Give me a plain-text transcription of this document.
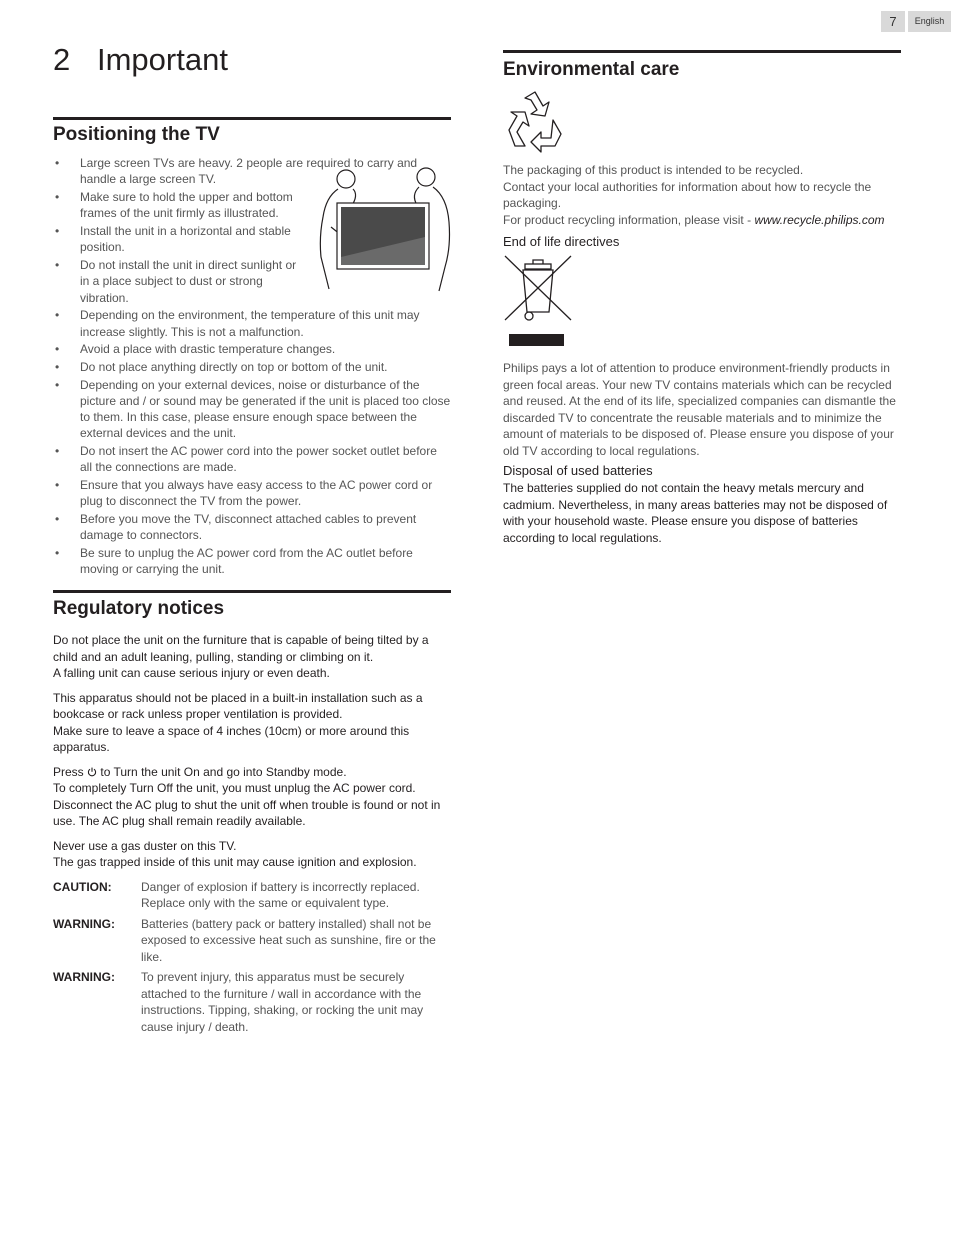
7	English
2 Important
Positioning the TV
• Large screen TVs are heavy. 2 people are required to carry and handle a large screen TV.
• Make sure to hold the upper and bottom frames of the unit firmly as illustrated.
• Install the unit in a horizontal and stable position.
• Do not install the unit in direct sunlight or in a place subject to dust or strong vibration.
• Depending on the environment, the temperature of this unit may increase slightly. This is not a malfunction.
• Avoid a place with drastic temperature changes.
• Do not place anything directly on top or bottom of the unit.
• Depending on your external devices, noise or disturbance of the picture and / or sound may be generated if the unit is placed too close to them. In this case, please ensure enough space between the external devices and the unit.
• Do not insert the AC power cord into the power socket outlet before all the connections are made.
• Ensure that you always have easy access to the AC power cord or plug to disconnect the TV from the power.
• Before you move the TV, disconnect attached cables to prevent damage to connectors.
• Be sure to unplug the AC power cord from the AC outlet before moving or carrying the unit.
Regulatory notices

Do not place the unit on the furniture that is capable of being tilted by a child and an adult leaning, pulling, standing or climbing on it.
A falling unit can cause serious injury or even death.

This apparatus should not be placed in a built-in installation such as a bookcase or rack unless proper ventilation is provided.
Make sure to leave a space of 4 inches (10cm) or more around this apparatus.

Press to Turn the unit On and go into Standby mode.
To completely Turn Off the unit, you must unplug the AC power cord. Disconnect the AC plug to shut the unit off when trouble is found or not in use. The AC plug shall remain readily available.

Never use a gas duster on this TV.
The gas trapped inside of this unit may cause ignition and explosion.

CAUTION:	Danger of explosion if battery is incorrectly replaced. Replace only with the same or equivalent type.
WARNING:	Batteries (battery pack or battery installed) shall not be exposed to excessive heat such as sunshine, fire or the like.
WARNING:	To prevent injury, this apparatus must be securely attached to the furniture / wall in accordance with the instructions. Tipping, shaking, or rocking the unit may cause injury / death.
Environmental care

The packaging of this product is intended to be recycled.
Contact your local authorities for information about how to recycle the packaging.
For product recycling information, please visit - www.recycle.philips.com

End of life directives

Philips pays a lot of attention to produce environment-friendly products in green focal areas. Your new TV contains materials which can be recycled and reused. At the end of its life, specialized companies can dismantle the discarded TV to concentrate the reusable materials and to minimize the amount of materials to be disposed of. Please ensure you dispose of your old TV according to local regulations.

Disposal of used batteries

The batteries supplied do not contain the heavy metals mercury and cadmium. Nevertheless, in many areas batteries may not be disposed of with your household waste. Please ensure you dispose of batteries according to local regulations.
